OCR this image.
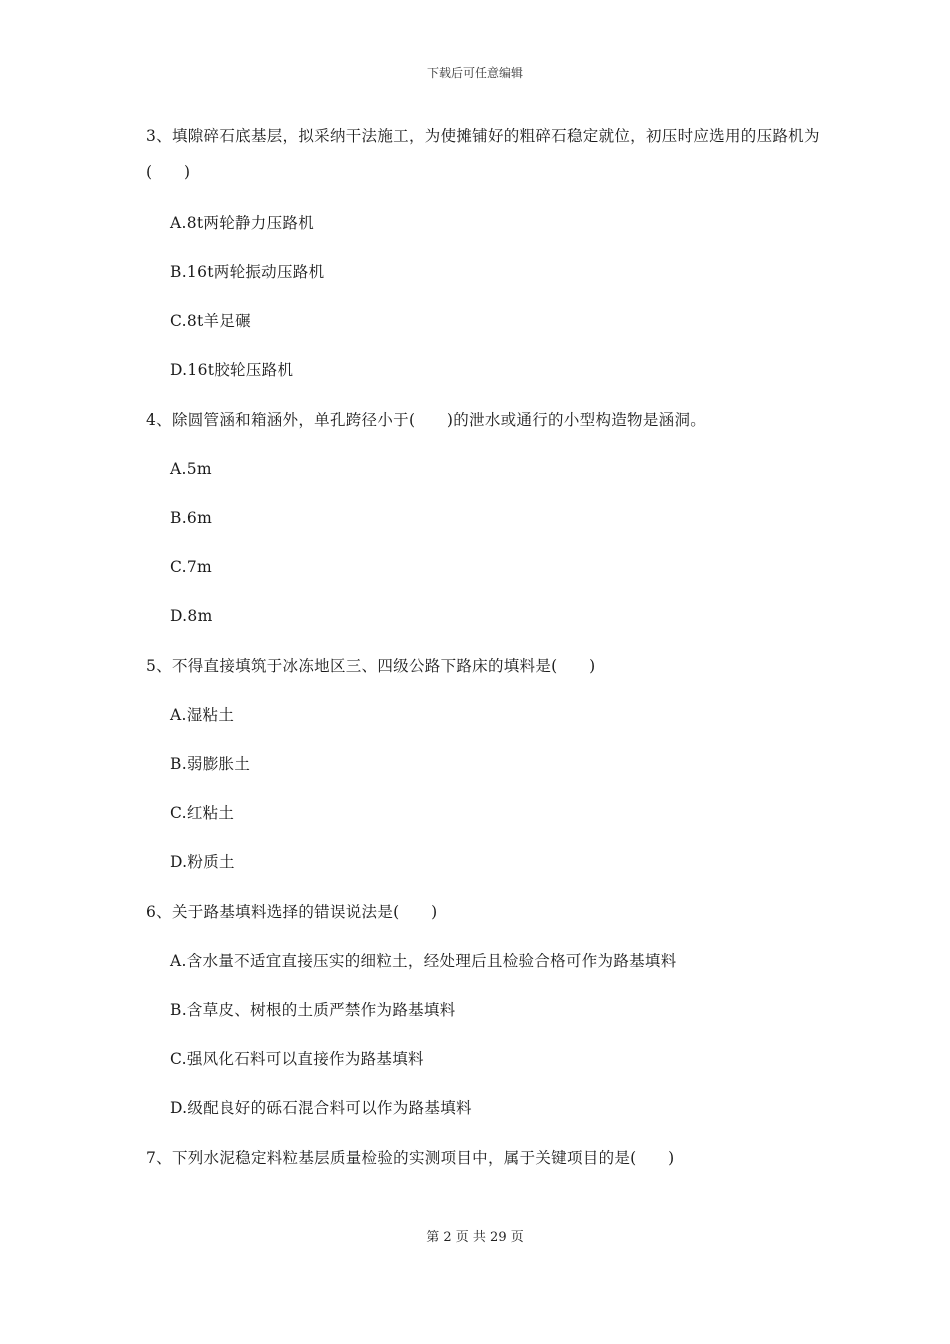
下载后可任意编辑
3、填隙碎石底基层，拟采纳干法施工，为使摊铺好的粗碎石稳定就位，初压时应选用的压路机为(　　)
A.8t两轮静力压路机
B.16t两轮振动压路机
C.8t羊足碾
D.16t胶轮压路机
4、除圆管涵和箱涵外，单孔跨径小于(　　)的泄水或通行的小型构造物是涵洞。
A.5m
B.6m
C.7m
D.8m
5、不得直接填筑于冰冻地区三、四级公路下路床的填料是(　　)
A.湿粘土
B.弱膨胀土
C.红粘土
D.粉质土
6、关于路基填料选择的错误说法是(　　)
A.含水量不适宜直接压实的细粒土，经处理后且检验合格可作为路基填料
B.含草皮、树根的土质严禁作为路基填料
C.强风化石料可以直接作为路基填料
D.级配良好的砾石混合料可以作为路基填料
7、下列水泥稳定料粒基层质量检验的实测项目中，属于关键项目的是(　　)
第 2 页 共 29 页
